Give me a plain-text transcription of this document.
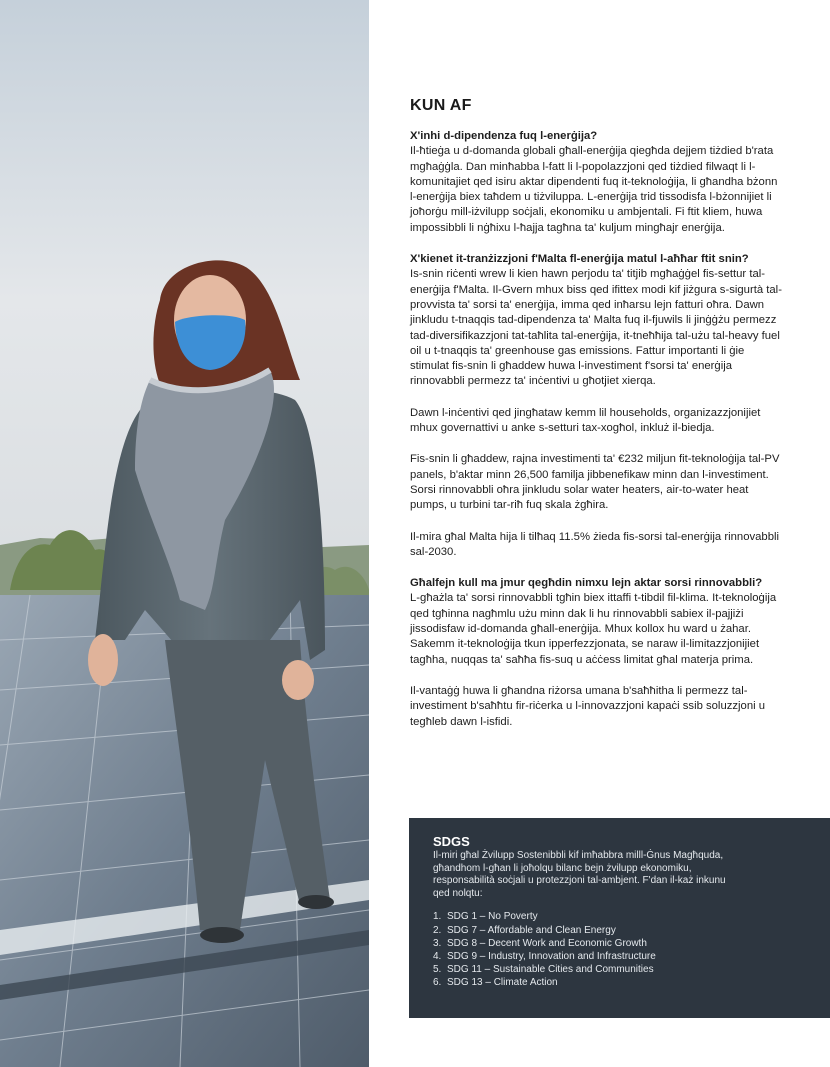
KUN AF

X'inhi d-dipendenza fuq l-enerġija?

Il-ħtieġa u d-domanda globali għall-enerġija qiegħda dejjem tiżdied b'rata mgħaġġla. Dan minħabba l-fatt li l-popolazzjoni qed tiżdied filwaqt li l-komunitajiet qed isiru aktar dipendenti fuq it-teknoloġija, li għandha bżonn l-enerġija biex taħdem u tiżviluppa. L-enerġija trid tissodisfa l-bżonnijiet li joħorġu mill-iżvilupp soċjali, ekonomiku u ambjentali. Fi ftit kliem, huwa impossibbli li nġħixu l-ħajja tagħna ta' kuljum mingħajr enerġija.

X'kienet it-tranżizzjoni f'Malta fl-enerġija matul l-aħħar ftit snin?

Is-snin riċenti wrew li kien hawn perjodu ta' titjib mgħaġġel fis-settur tal-enerġija f'Malta. Il-Gvern mhux biss qed ifittex modi kif jiżgura s-sigurtà tal-provvista ta' sorsi ta' enerġija, imma qed inħarsu lejn fatturi oħra. Dawn jinkludu t-tnaqqis tad-dipendenza ta' Malta fuq il-fjuwils li jinġġżu permezz tad-diversifikazzjoni tat-taħlita tal-enerġija, it-tneħħija tal-użu tal-heavy fuel oil u t-tnaqqis ta' greenhouse gas emissions. Fattur importanti li ġie stimulat fis-snin li għaddew huwa l-investiment f'sorsi ta' enerġija rinnovabbli permezz ta' inċentivi u għotjiet xierqa.

Dawn l-inċentivi qed jingħataw kemm lil households, organizazzjonijiet mhux governattivi u anke s-setturi tax-xogħol, inkluż il-biedja.

Fis-snin li għaddew, rajna investimenti ta' €232 miljun fit-teknoloġija tal-PV panels, b'aktar minn 26,500 familja jibbenefikaw minn dan l-investiment. Sorsi rinnovabbli oħra jinkludu solar water heaters, air-to-water heat pumps, u turbini tar-riħ fuq skala żgħira.

Il-mira għal Malta hija li tilħaq 11.5% żieda fis-sorsi tal-enerġija rinnovabbli sal-2030.

Għalfejn kull ma jmur qegħdin nimxu lejn aktar sorsi rinnovabbli?

L-għażla ta' sorsi rinnovabbli tgħin biex ittaffi t-tibdil fil-klima. It-teknoloġija qed tgħinna nagħmlu użu minn dak li hu rinnovabbli sabiex il-pajjiżi jissodisfaw id-domanda għall-enerġija. Mhux kollox hu ward u żahar. Sakemm it-teknoloġija tkun ipperfezzjonata, se naraw il-limitazzjonijiet tagħha, nuqqas ta' saħħa fis-suq u aċċess limitat għal materja prima.

Il-vantaġġ huwa li għandna riżorsa umana b'saħħitha li permezz tal-investiment b'saħħtu fir-riċerka u l-innovazzjoni kapaċi ssib soluzzjoni u tegħleb dawn l-isfidi.

SDGS

Il-miri għal Żvilupp Sostenibbli kif imħabbra milll-Ġnus Magħquda, għandhom l-għan li joħolqu bilanc bejn żvilupp ekonomiku, responsabilità soċjali u protezzjoni tal-ambjent. F'dan il-każ inkunu qed nolqtu:

1. SDG 1 – No Poverty
2. SDG 7 – Affordable and Clean Energy
3. SDG 8 – Decent Work and Economic Growth
4. SDG 9 – Industry, Innovation and Infrastructure
5. SDG 11 – Sustainable Cities and Communities
6. SDG 13 – Climate Action
